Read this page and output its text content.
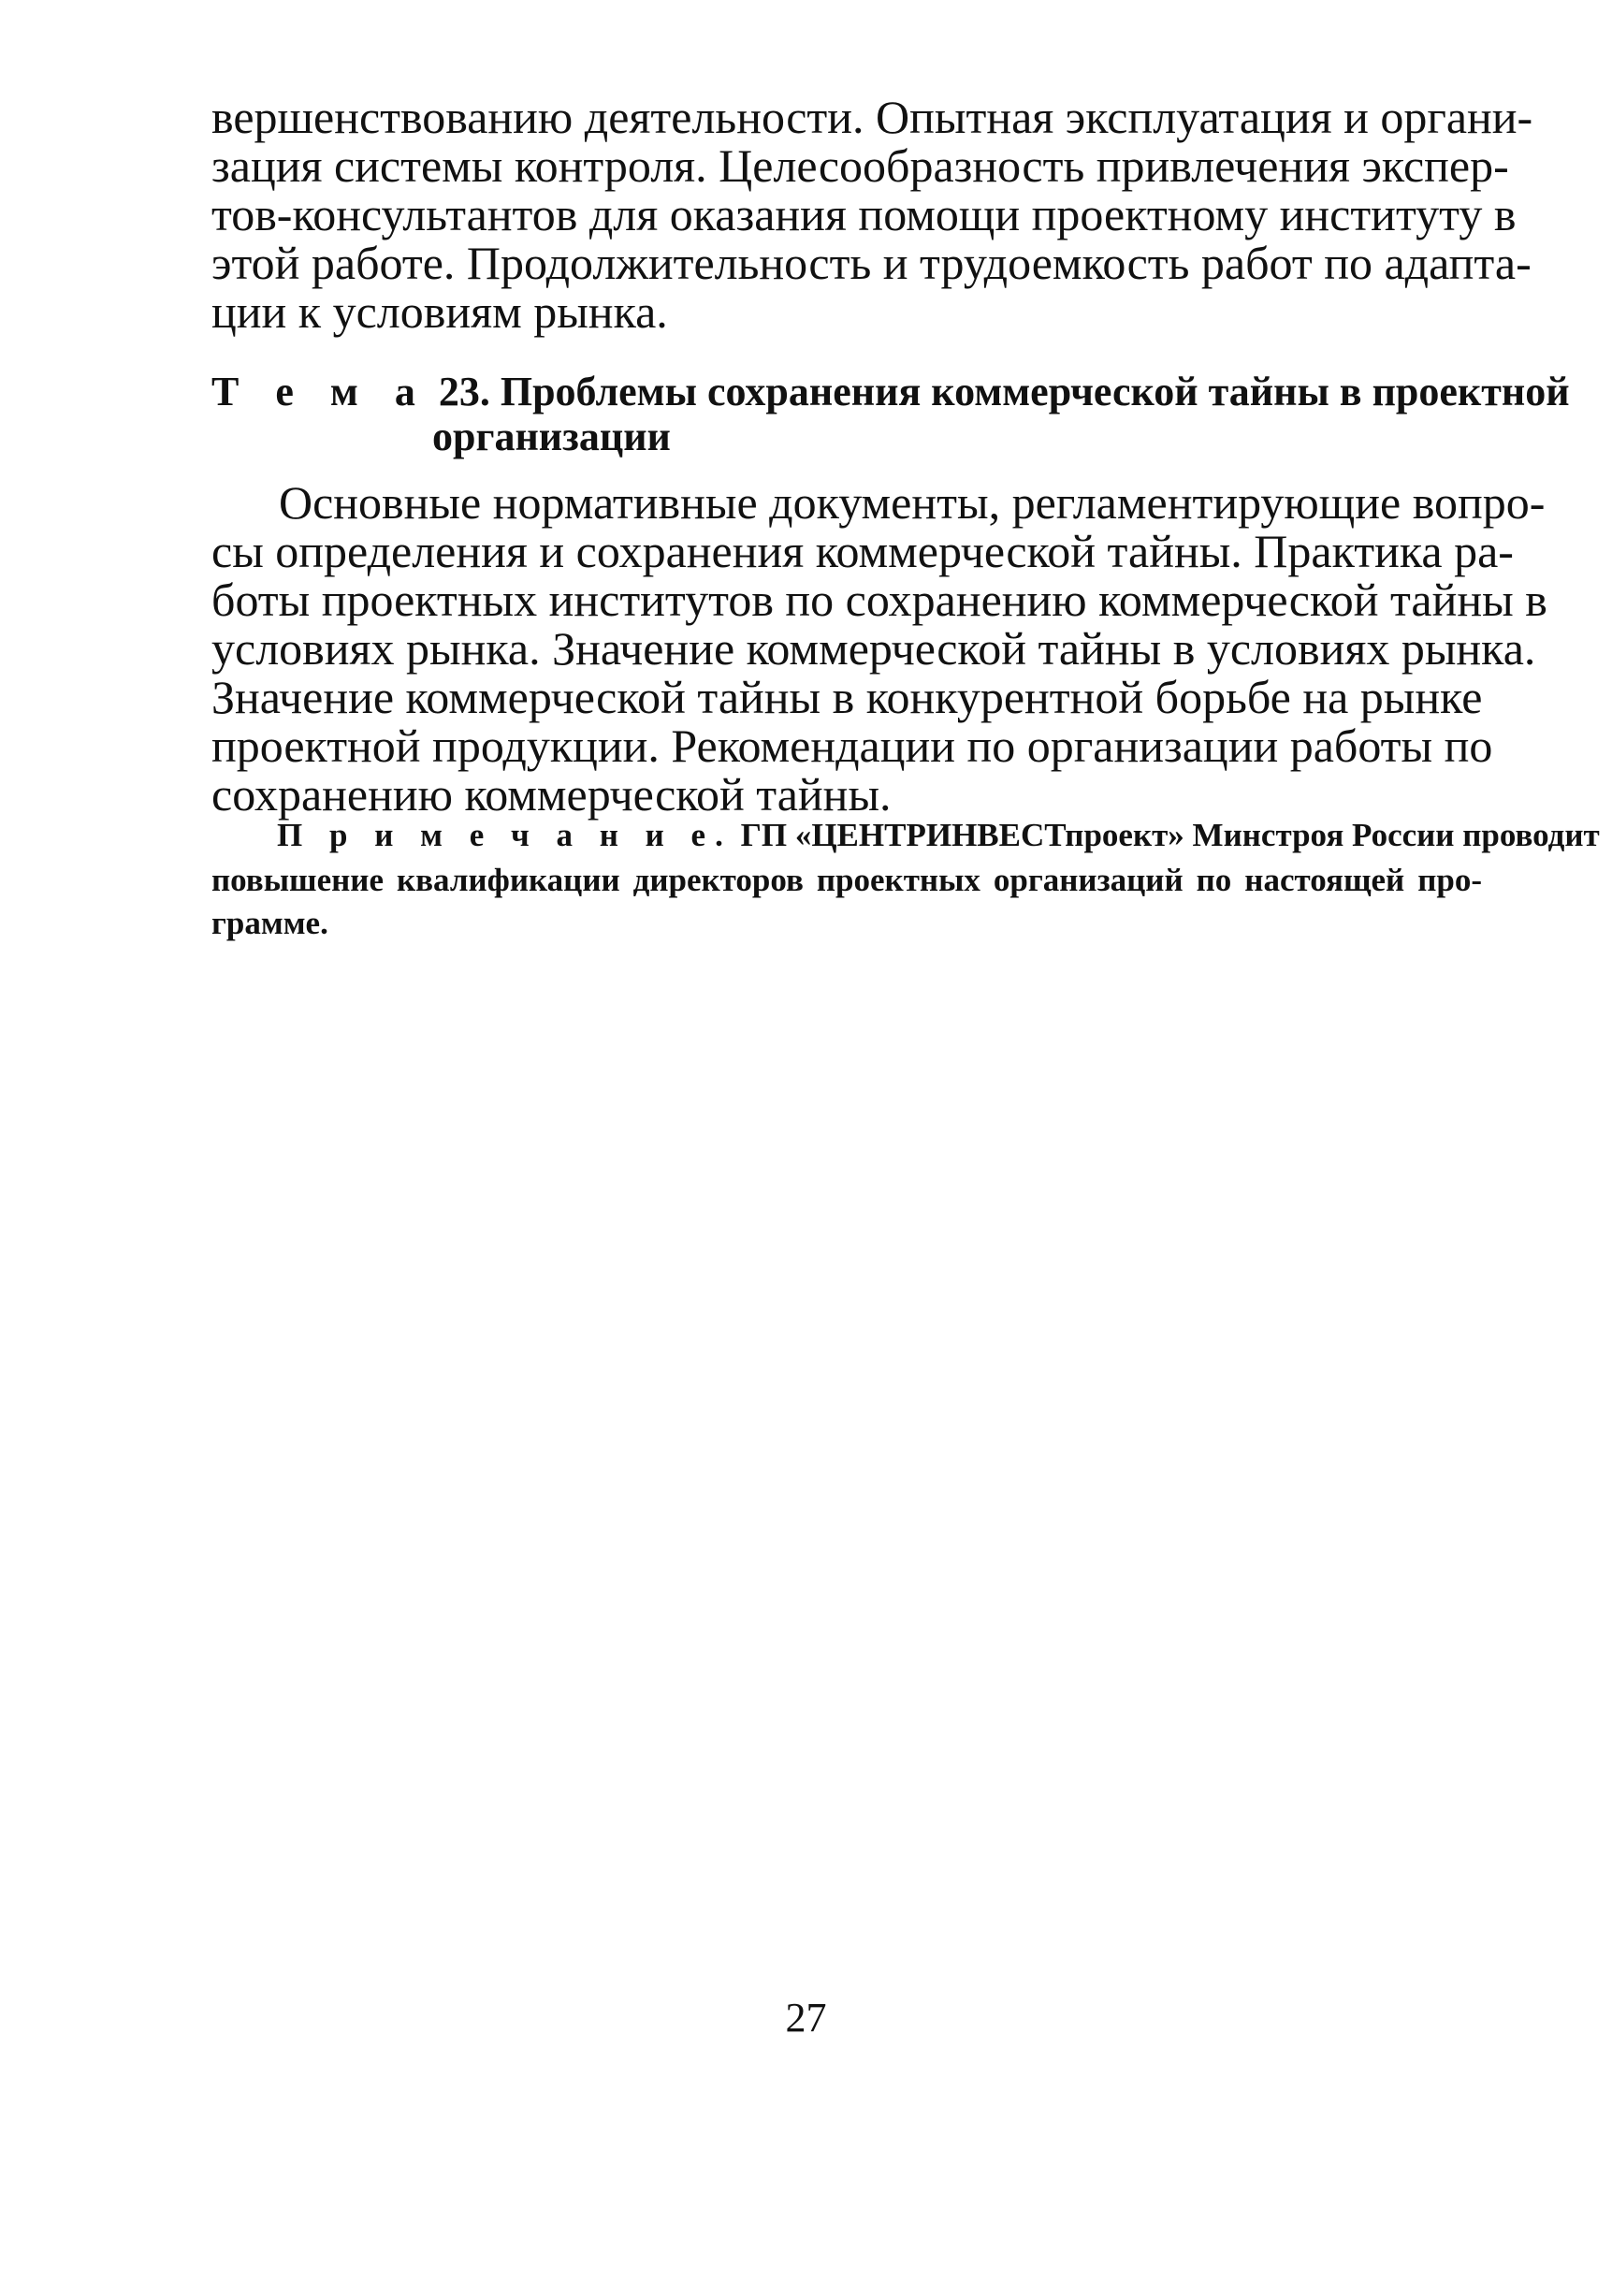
вершенствованию деятельности. Опытная эксплуатация и органи-
зация системы контроля. Целесообразность привлечения экспер-
тов-консультантов для оказания помощи проектному институту в
этой работе. Продолжительность и трудоемкость работ по адапта-
ции к условиям рынка.
Т е м а 23. Проблемы сохранения коммерческой тайны в проектной
организации
Основные нормативные документы, регламентирующие вопро-
сы определения и сохранения коммерческой тайны. Практика ра-
боты проектных институтов по сохранению коммерческой тайны в
условиях рынка. Значение коммерческой тайны в условиях рынка.
Значение коммерческой тайны в конкурентной борьбе на рынке
проектной продукции. Рекомендации по организации работы по
сохранению коммерческой тайны.
П р и м е ч а н и е. ГП «ЦЕНТРИНВЕСТпроект» Минстроя России проводит
повышение квалификации директоров проектных организаций по настоящей про-
грамме.
27
